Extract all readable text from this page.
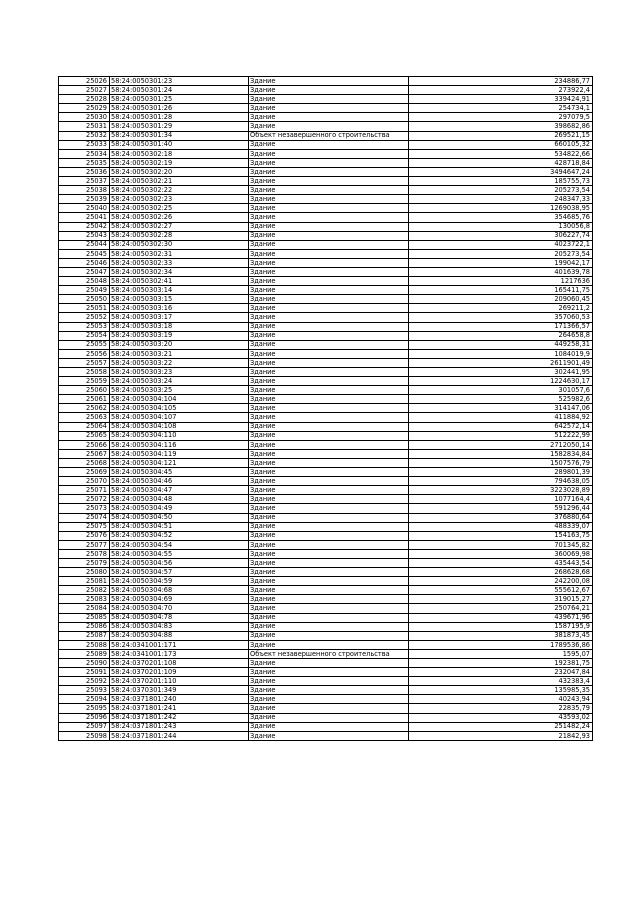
25026	58:24:0050301:23	Здание	234886,77
25027	58:24:0050301:24	Здание	273922,4
25028	58:24:0050301:25	Здание	339424,91
25029	58:24:0050301:26	Здание	254734,1
25030	58:24:0050301:28	Здание	297079,5
25031	58:24:0050301:29	Здание	398682,86
25032	58:24:0050301:34	Объект незавершенного строительства	269521,15
25033	58:24:0050301:40	Здание	660105,32
25034	58:24:0050302:18	Здание	534822,66
25035	58:24:0050302:19	Здание	428718,84
25036	58:24:0050302:20	Здание	3494647,24
25037	58:24:0050302:21	Здание	185755,73
25038	58:24:0050302:22	Здание	205273,54
25039	58:24:0050302:23	Здание	248347,33
25040	58:24:0050302:25	Здание	1269038,95
25041	58:24:0050302:26	Здание	354685,76
25042	58:24:0050302:27	Здание	130056,8
25043	58:24:0050302:28	Здание	306227,74
25044	58:24:0050302:30	Здание	4023722,1
25045	58:24:0050302:31	Здание	205273,54
25046	58:24:0050302:33	Здание	199042,17
25047	58:24:0050302:34	Здание	401639,78
25048	58:24:0050302:41	Здание	1217636
25049	58:24:0050303:14	Здание	165411,75
25050	58:24:0050303:15	Здание	209060,45
25051	58:24:0050303:16	Здание	269211,2
25052	58:24:0050303:17	Здание	357060,53
25053	58:24:0050303:18	Здание	171366,57
25054	58:24:0050303:19	Здание	264658,8
25055	58:24:0050303:20	Здание	449258,31
25056	58:24:0050303:21	Здание	1084019,9
25057	58:24:0050303:22	Здание	2611901,49
25058	58:24:0050303:23	Здание	302441,95
25059	58:24:0050303:24	Здание	1224630,17
25060	58:24:0050303:25	Здание	301057,6
25061	58:24:0050304:104	Здание	525982,6
25062	58:24:0050304:105	Здание	314147,06
25063	58:24:0050304:107	Здание	411884,92
25064	58:24:0050304:108	Здание	642572,14
25065	58:24:0050304:110	Здание	512222,99
25066	58:24:0050304:116	Здание	2712050,14
25067	58:24:0050304:119	Здание	1582834,84
25068	58:24:0050304:121	Здание	1507576,79
25069	58:24:0050304:45	Здание	289801,39
25070	58:24:0050304:46	Здание	794638,05
25071	58:24:0050304:47	Здание	3223028,89
25072	58:24:0050304:48	Здание	1077164,4
25073	58:24:0050304:49	Здание	591296,44
25074	58:24:0050304:50	Здание	376880,64
25075	58:24:0050304:51	Здание	488339,07
25076	58:24:0050304:52	Здание	154163,75
25077	58:24:0050304:54	Здание	701345,82
25078	58:24:0050304:55	Здание	360069,98
25079	58:24:0050304:56	Здание	435443,54
25080	58:24:0050304:57	Здание	268628,68
25081	58:24:0050304:59	Здание	242200,08
25082	58:24:0050304:68	Здание	555612,67
25083	58:24:0050304:69	Здание	319015,27
25084	58:24:0050304:70	Здание	250764,21
25085	58:24:0050304:78	Здание	439671,96
25086	58:24:0050304:83	Здание	1587195,9
25087	58:24:0050304:88	Здание	381873,45
25088	58:24:0341001:171	Здание	1789536,86
25089	58:24:0341001:173	Объект незавершенного строительства	1595,07
25090	58:24:0370201:108	Здание	192381,75
25091	58:24:0370201:109	Здание	232047,84
25092	58:24:0370201:110	Здание	432383,4
25093	58:24:0370301:349	Здание	135985,35
25094	58:24:0371801:240	Здание	40243,94
25095	58:24:0371801:241	Здание	22835,79
25096	58:24:0371801:242	Здание	43593,02
25097	58:24:0371801:243	Здание	251482,24
25098	58:24:0371801:244	Здание	21842,93
